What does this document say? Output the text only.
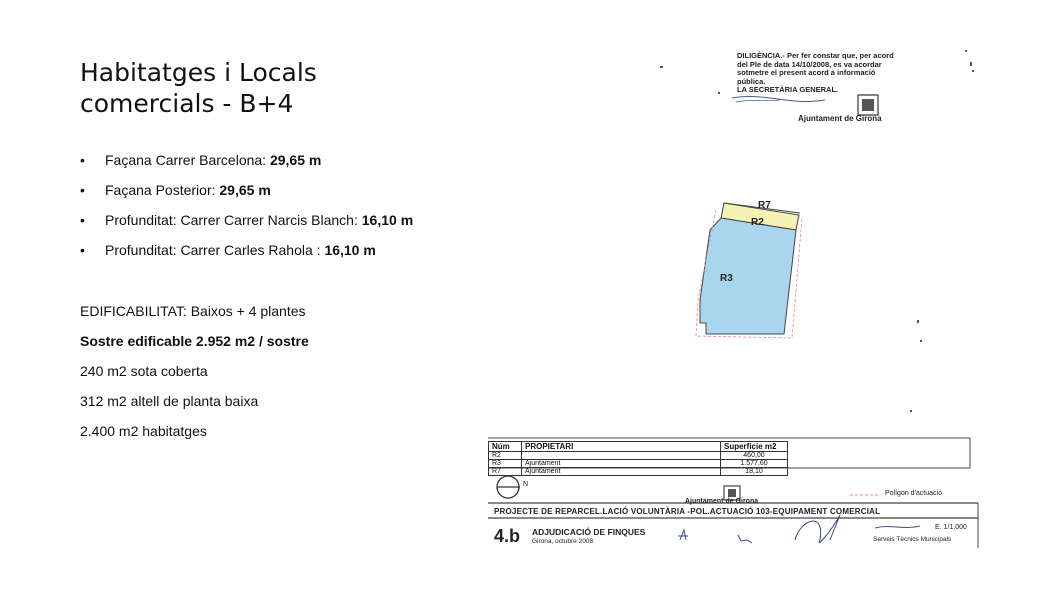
Habitatges i Locals
comercials - B+4
• Façana Carrer Barcelona: 29,65 m
• Façana Posterior: 29,65 m
• Profunditat: Carrer Carrer Narcis Blanch: 16,10 m
• Profunditat: Carrer Carles Rahola : 16,10 m
EDIFICABILITAT: Baixos + 4 plantes
Sostre edificable 2.952 m2 / sostre
240 m2 sota coberta
312 m2 altell de planta baixa
2.400 m2 habitatges
DILIGÈNCIA.- Per fer constar que, per acord
del Ple de data 14/10/2008, es va acordar
sotmetre el present acord a informació
pública.
LA SECRETÀRIA GENERAL.
Ajuntament de Girona
R7
R2
R3
Núm	PROPIETARI	Superficie m2
R2		460,00
R3	Ajuntament	1.577,60
R7	Ajuntament	18,10
N
Ajuntament de Girona
Polígon d'actuació
PROJECTE DE REPARCEL.LACIÓ VOLUNTÀRIA -POL.ACTUACIÓ 103-EQUIPAMENT COMERCIAL
4.b ADJUDICACIÓ DE FINQUES
Girona, octubre 2008
E. 1/1.000
Serveis Tècnics Municipals
